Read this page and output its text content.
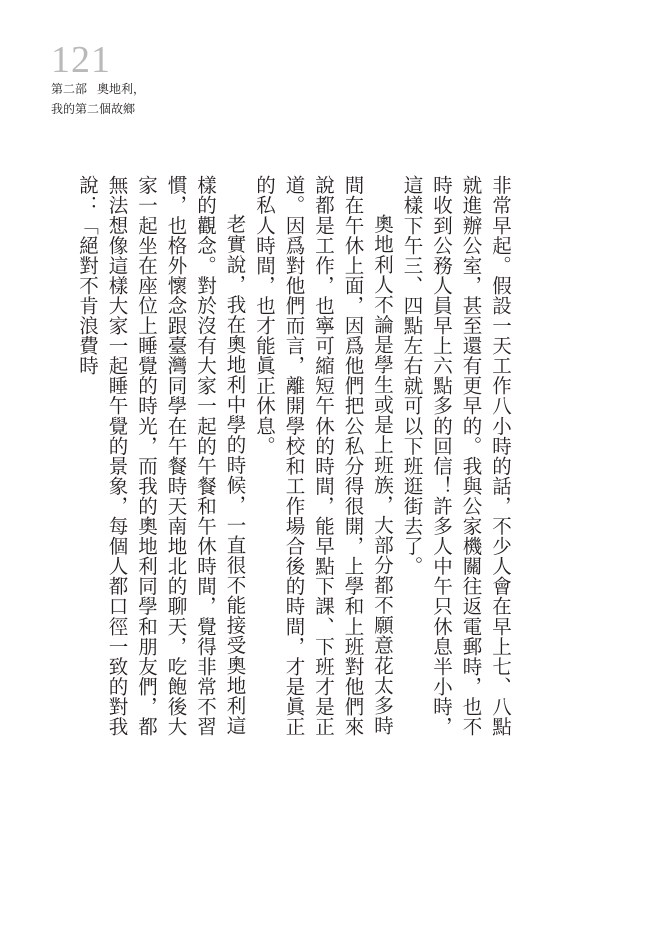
121
第二部 奧地利，
我的第二個故鄉

非常早起。假設一天工作八小時的話，不少人會在早上七、八點就進辦公室，甚至還有更早的。我與公家機關往返電郵時，也不時收到公務人員早上六點多的回信！許多人中午只休息半小時，這樣下午三、四點左右就可以下班逛街去了。

奧地利人不論是學生或是上班族，大部分都不願意花太多時間在午休上面，因爲他們把公私分得很開，上學和上班對他們來說都是工作，也寧可縮短午休的時間，能早點下課、下班才是正道。因爲對他們而言，離開學校和工作場合後的時間，才是眞正的私人時間，也才能眞正休息。

老實說，我在奧地利中學的時候，一直很不能接受奧地利這樣的觀念。對於沒有大家一起的午餐和午休時間，覺得非常不習慣，也格外懷念跟臺灣同學在午餐時天南地北的聊天，吃飽後大家一起坐在座位上睡覺的時光，而我的奧地利同學和朋友們，都無法想像這樣大家一起睡午覺的景象，每個人都口徑一致的對我說：「絕對不肯浪費時
